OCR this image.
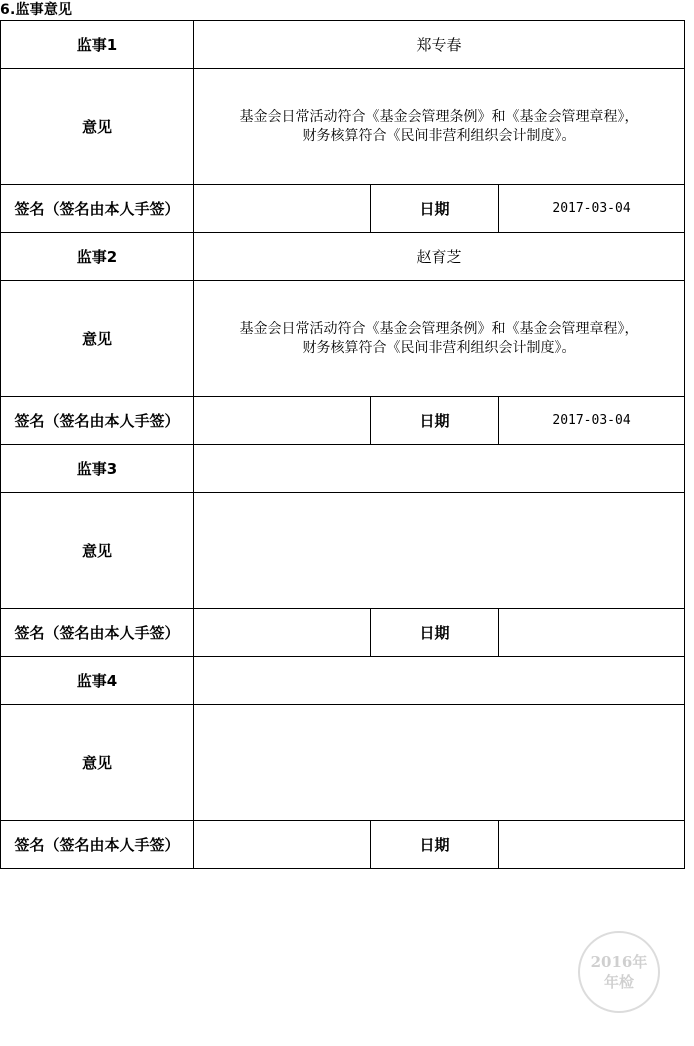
6.监事意见
监事1	郑专春		
意见	基金会日常活动符合《基金会管理条例》和《基金会管理章程》，
财务核算符合《民间非营利组织会计制度》。		

签名（签名由本人手签）		日期	2017-03-04
监事2	赵育芝		
意见	基金会日常活动符合《基金会管理条例》和《基金会管理章程》，
财务核算符合《民间非营利组织会计制度》。		

签名（签名由本人手签）		日期	2017-03-04
监事3			
意见			

签名（签名由本人手签）		日期	
监事4			
意见			

签名（签名由本人手签）		日期	
2016年
年检
